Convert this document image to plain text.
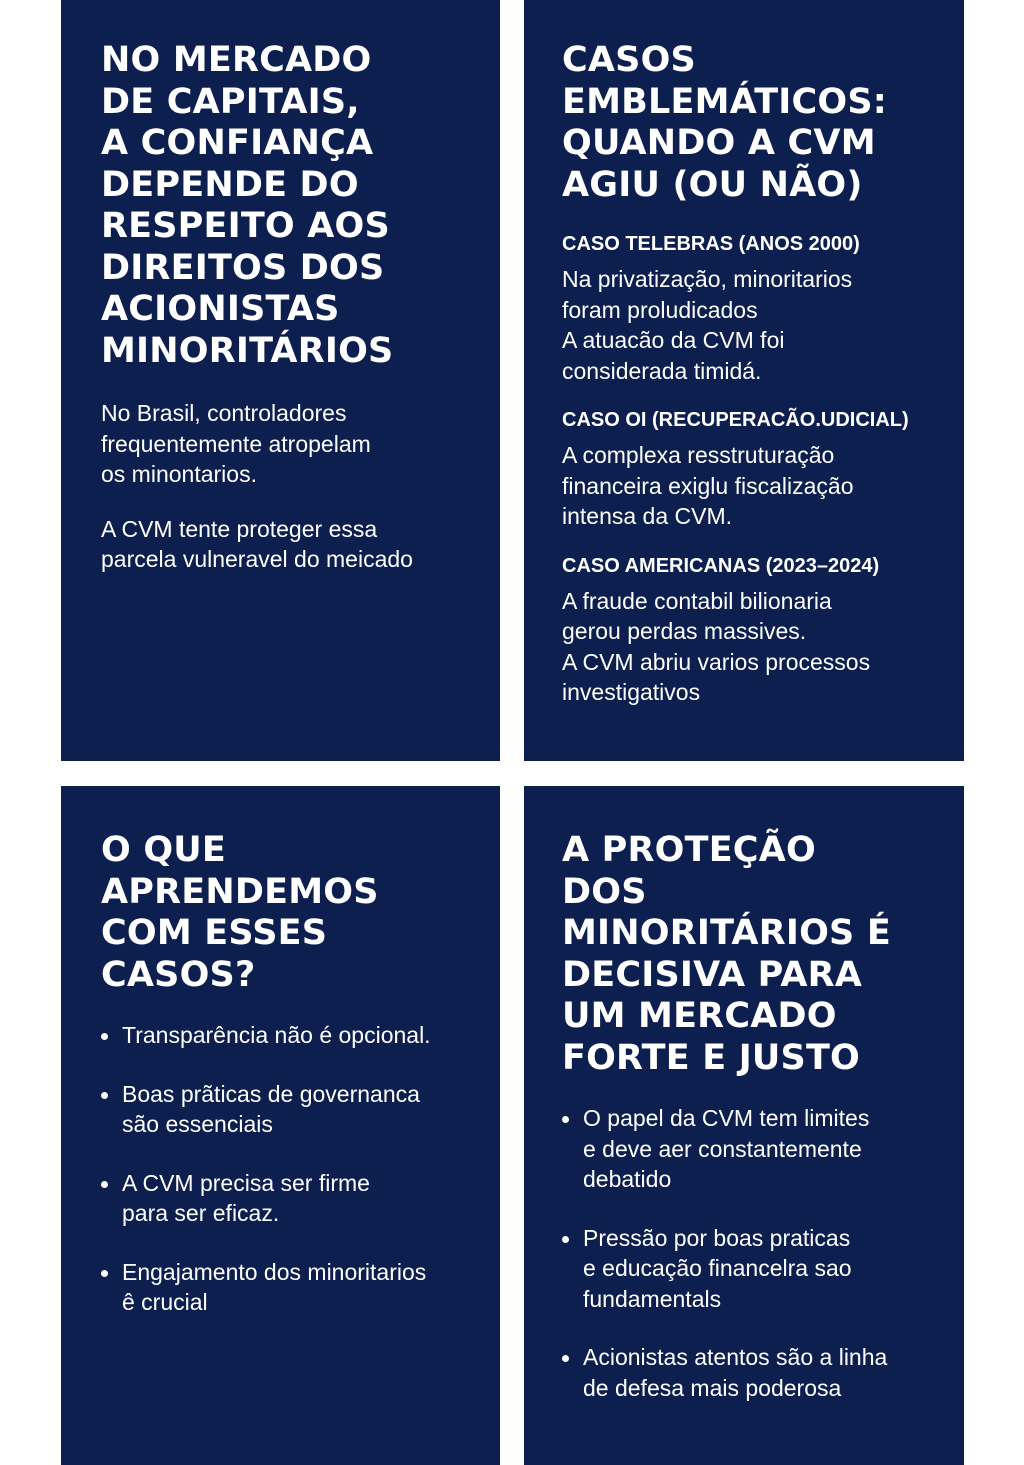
NO MERCADO
DE CAPITAIS,
A CONFIANÇA
DEPENDE DO
RESPEITO AOS
DIREITOS DOS
ACIONISTAS
MINORITÁRIOS

No Brasil, controladores
frequentemente atropelam
os minontarios.

A CVM tente proteger essa
parcela vulneravel do meicado

CASOS
EMBLEMÁTICOS:
QUANDO A CVM
AGIU (OU NÃO)
CASO TELEBRAS (ANOS 2000)

Na privatização, minoritarios
foram proludicados
A atuacão da CVM foi
considerada timidá.

CASO OI (RECUPERACÃO.UDICIAL)

A complexa resstruturação
financeira exiglu fiscalização
intensa da CVM.

CASO AMERICANAS (2023–2024)

A fraude contabil bilionaria
gerou perdas massives.
A CVM abriu varios processos
investigativos

O QUE
APRENDEMOS
COM ESSES
CASOS?
Transparência não é opcional.
Boas prãticas de governanca
são essenciais
A CVM precisa ser firme
para ser eficaz.
Engajamento dos minoritarios
ê crucial
A PROTEÇÃO
DOS
MINORITÁRIOS É
DECISIVA PARA
UM MERCADO
FORTE E JUSTO
O papel da CVM tem limites
e deve aer constantemente
debatido
Pressão por boas praticas
e educação financelra sao
fundamentals
Acionistas atentos são a linha
de defesa mais poderosa
